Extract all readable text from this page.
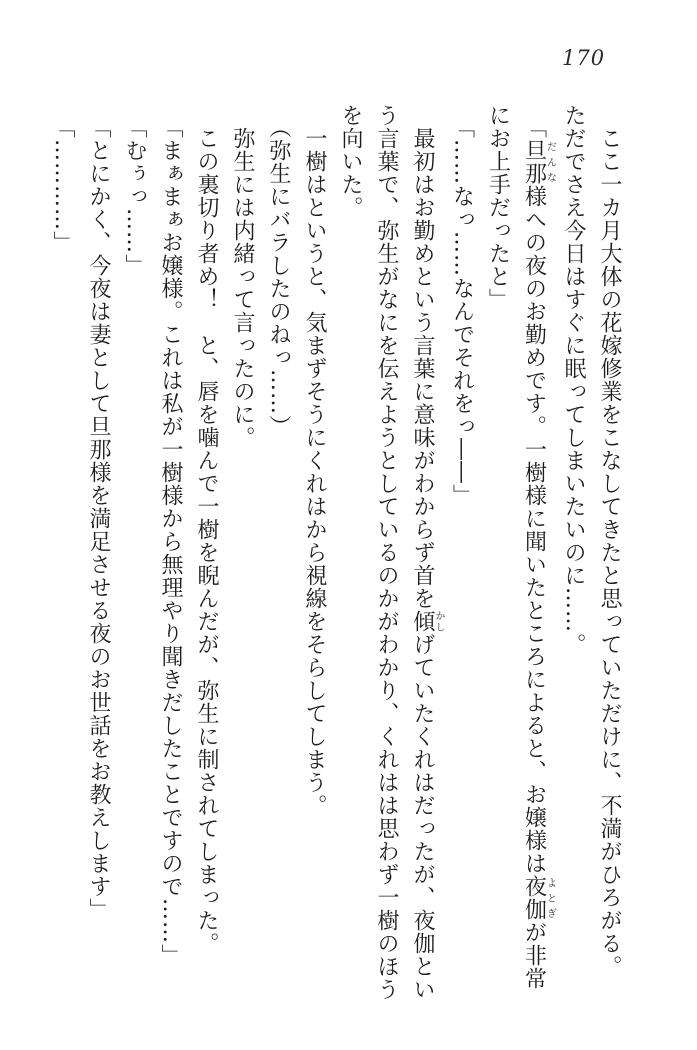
170

　ここ一カ月大体の花嫁修業をこなしてきたと思っていただけに、不満がひろがる。

ただでさえ今日はすぐに眠ってしまいたいのに……。

　「旦那だんな様への夜のお勤めです。一樹様に聞いたところによると、お嬢様は夜伽よとぎが非常にお上手だったと」

　「……なっ……なんでそれをっ――」

　最初はお勤めという言葉に意味がわからず首を傾かしげていたくれはだったが、夜伽という言葉で、弥生がなにを伝えようとしているのかがわかり、くれはは思わず一樹のほうを向いた。

　一樹はというと、気まずそうにくれはから視線をそらしてしまう。

　（弥生にバラしたのねっ……）

　弥生には内緒って言ったのに。

　この裏切り者め！　と、唇を噛んで一樹を睨んだが、弥生に制されてしまった。

　「まぁまぁお嬢様。これは私が一樹様から無理やり聞きだしたことですので……」

　「むぅっ……」

　「とにかく、今夜は妻として旦那様を満足させる夜のお世話をお教えします」

　「…………」
